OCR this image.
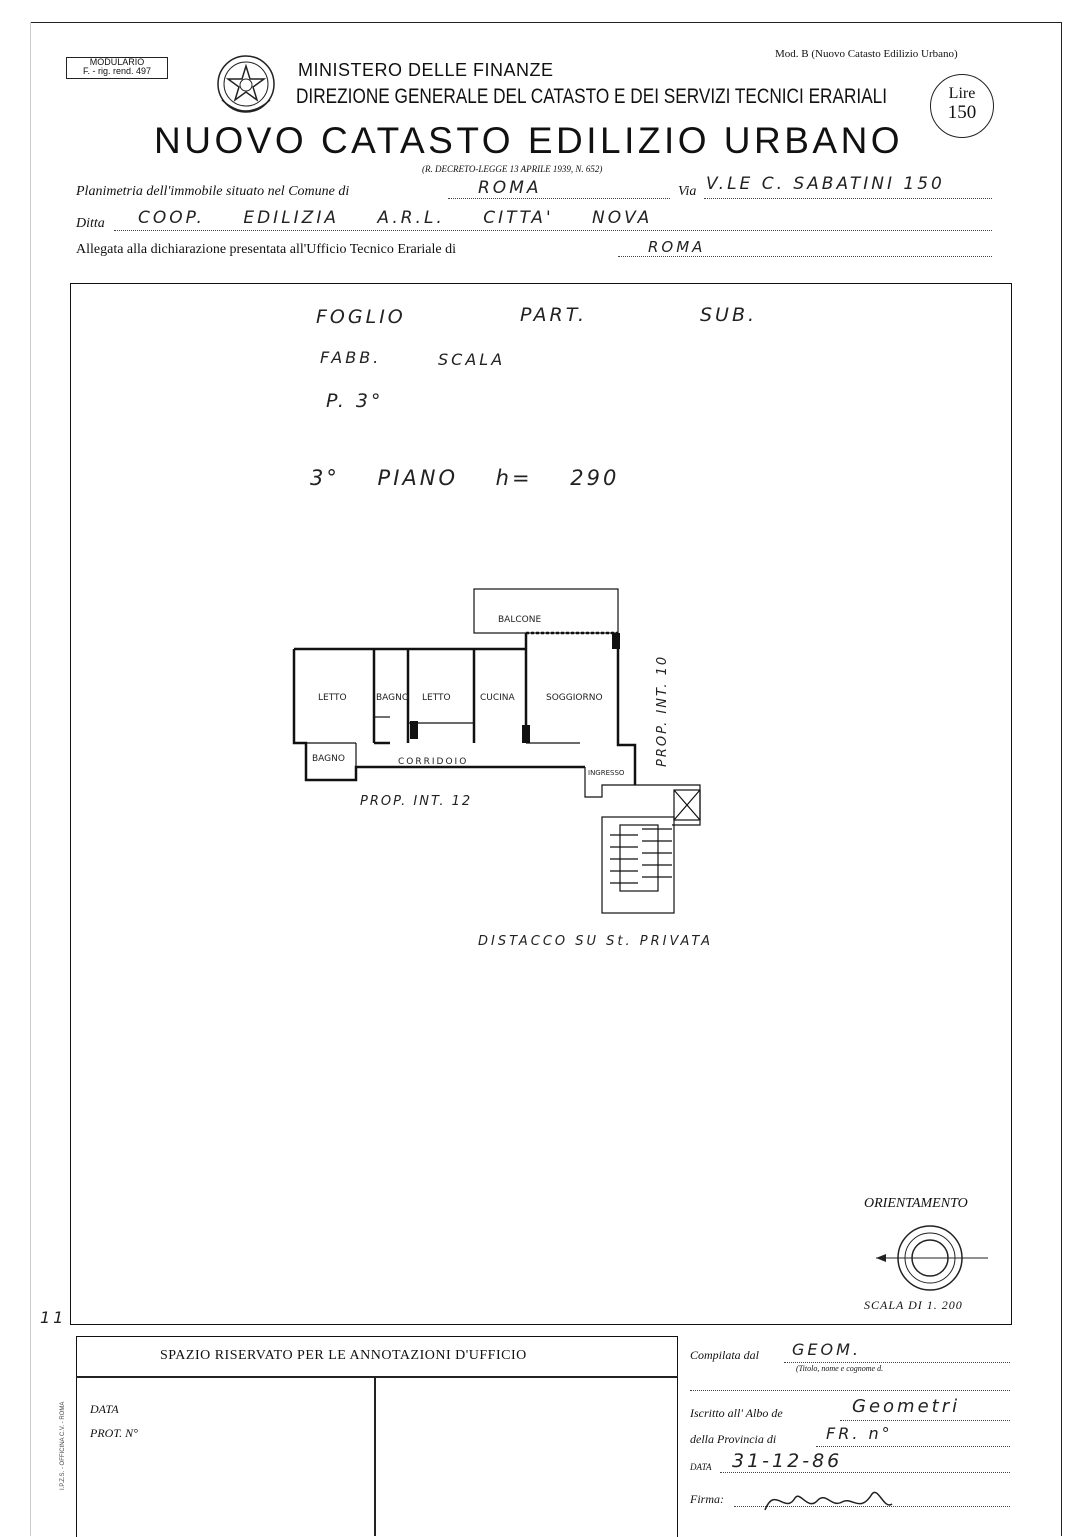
MODULARIO
F. - rig. rend. 497	MINISTERO DELLE FINANZE
DIREZIONE GENERALE DEL CATASTO E DEI SERVIZI TECNICI ERARIALI
Mod. B (Nuovo Catasto Edilizio Urbano)
Lire
150
NUOVO CATASTO EDILIZIO URBANO
(R. DECRETO-LEGGE 13 APRILE 1939, N. 652)
Planimetria dell'immobile situato nel Comune di	ROMA	Via V.LE C. SABATINI 150
Ditta COOP. EDILIZIA A.R.L. CITTA' NOVA
Allegata alla dichiarazione presentata all'Ufficio Tecnico Erariale di	ROMA
FOGLIO	PART.	SUB.
FABB.	SCALA
P. 3°
3° PIANO h= 290
BALCONE
LETTO	BAGNO LETTO	CUCINA	SOGGIORNO
BAGNO	CORRIDOIO
INGRESSO
PROP. INT. 12
PROP. INT. 10
DISTACCO SU St. PRIVATA
ORIENTAMENTO
SCALA DI 1. 200
11
SPAZIO RISERVATO PER LE ANNOTAZIONI D'UFFICIO
DATA
PROT. N°
I.P.Z.S. - OFFICINA C.V. - ROMA
Compilata dal GEOM.
(Titolo, nome e cognome d.
Iscritto all' Albo de	Geometri
della Provincia di	FR. n°
DATA 31-12-86
Firma:
